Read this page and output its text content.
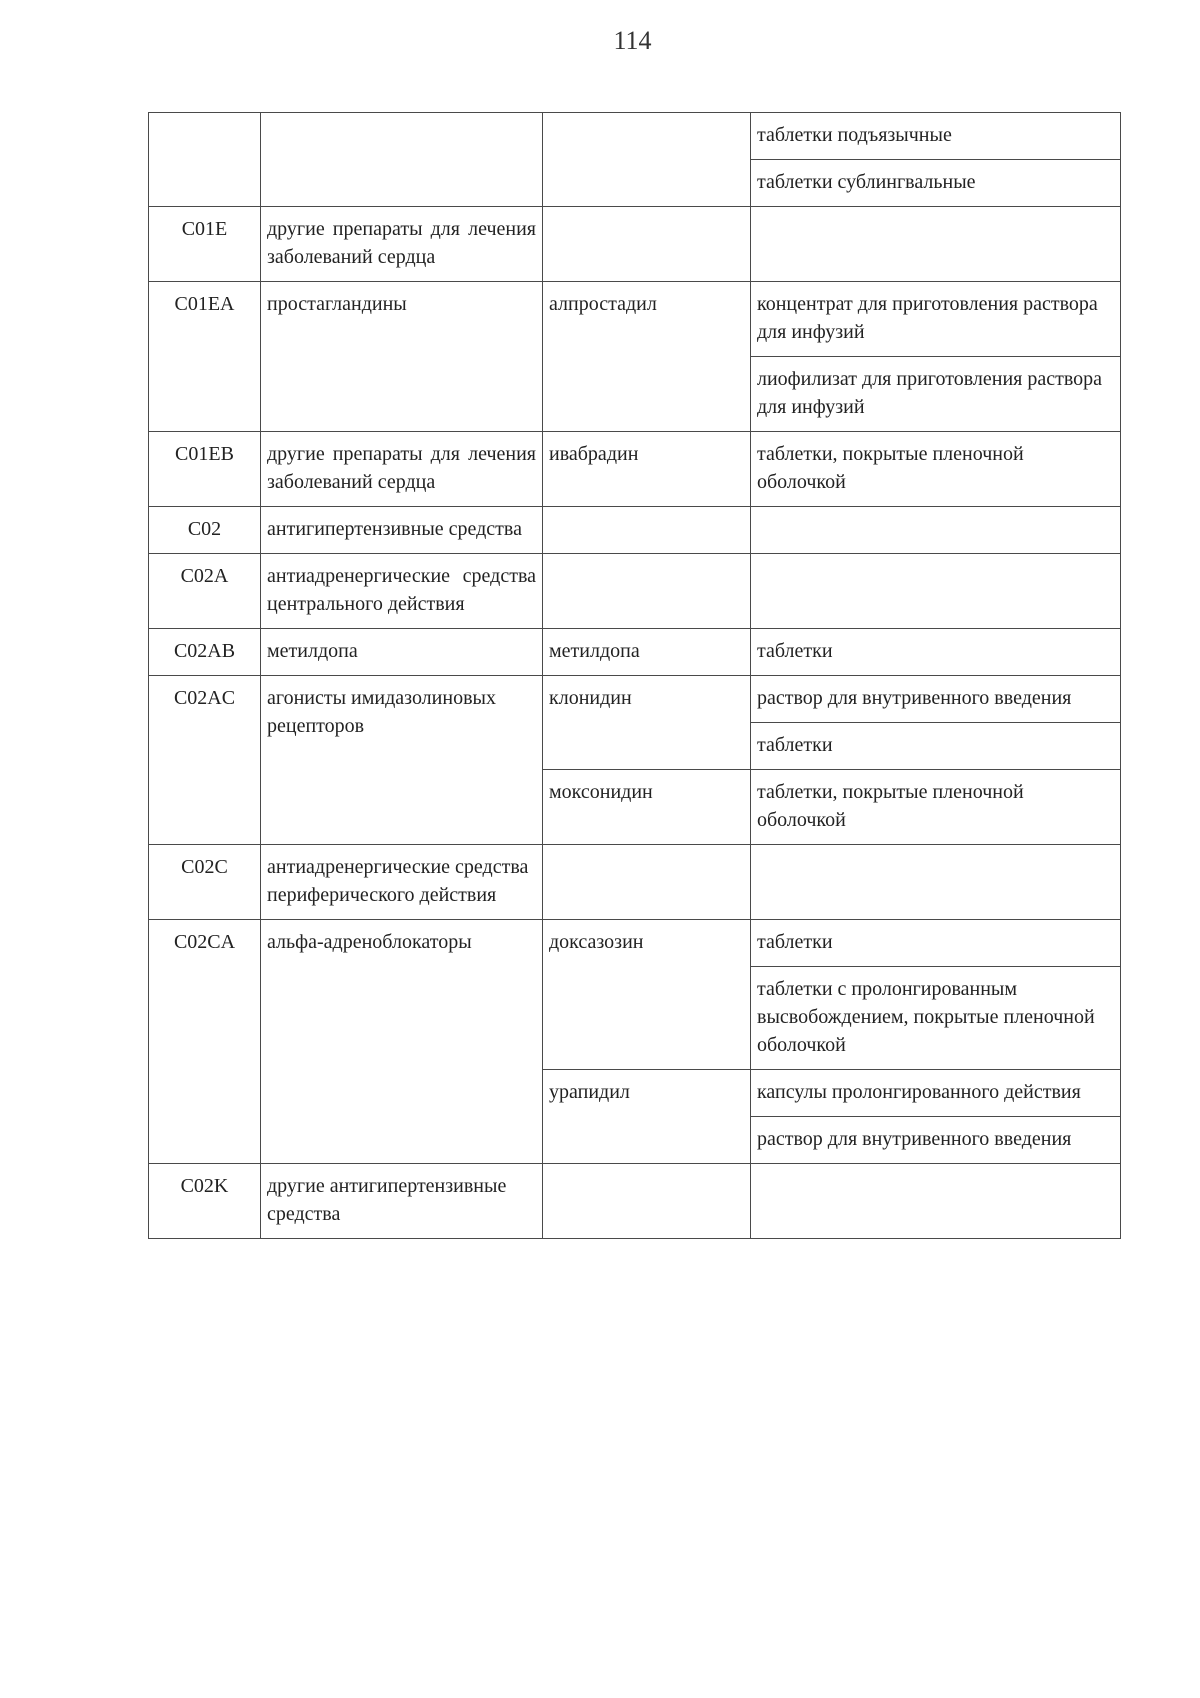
114
			таблетки подъязычные
			таблетки сублингвальные
C01E	другие препараты для лечения заболеваний сердца		
C01EA	простагландины	алпростадил	концентрат для приготовления раствора для инфузий
			лиофилизат для приготовления раствора для инфузий
C01EB	другие препараты для лечения заболеваний сердца	ивабрадин	таблетки, покрытые пленочной оболочкой
C02	антигипертензивные средства		
C02A	антиадренергические средства центрального действия		
C02AB	метилдопа	метилдопа	таблетки
C02AC	агонисты имидазолиновых рецепторов	клонидин	раствор для внутривенного введения
			таблетки
		моксонидин	таблетки, покрытые пленочной оболочкой
C02C	антиадренергические средства периферического действия		
C02CA	альфа-адреноблокаторы	доксазозин	таблетки
			таблетки с пролонгированным высвобождением, покрытые пленочной оболочкой
		урапидил	капсулы пролонгированного действия
			раствор для внутривенного введения
C02K	другие антигипертензивные средства		
